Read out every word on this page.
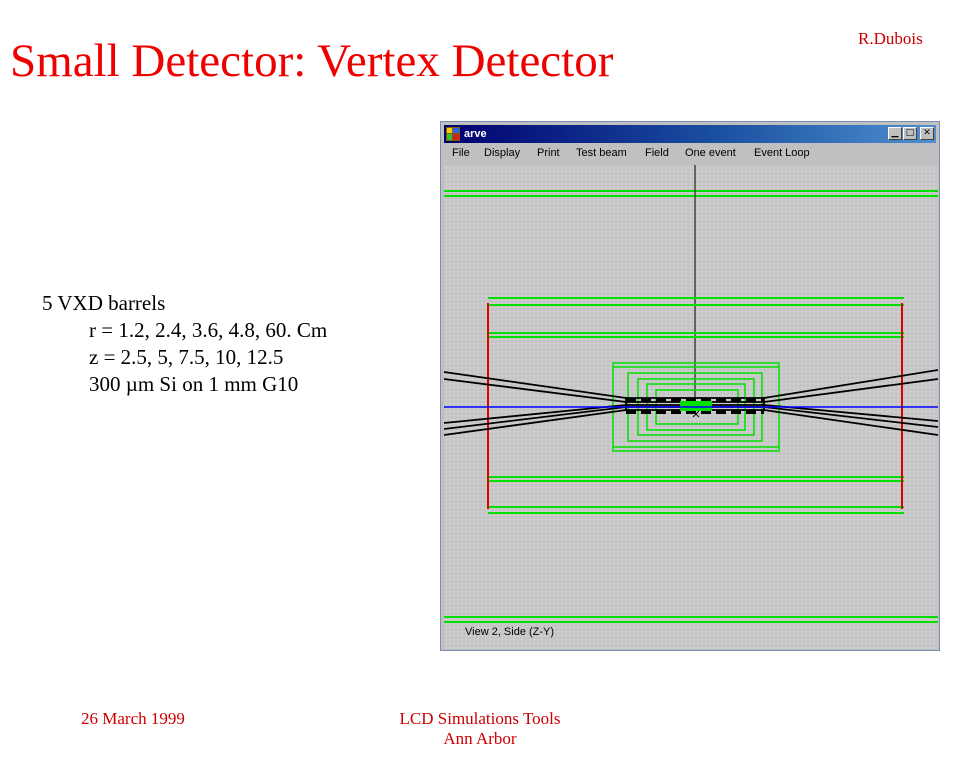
R.Dubois
Small Detector: Vertex Detector
5 VXD barrels
r = 1.2, 2.4, 3.6, 4.8, 60. Cm
z = 2.5, 5, 7.5, 10, 12.5
300 µm Si on 1 mm G10
arve	▁ □ ✕
File Display Print Test beam Field One event Event Loop
View 2, Side (Z-Y)
26 March 1999	LCD Simulations Tools
Ann Arbor
